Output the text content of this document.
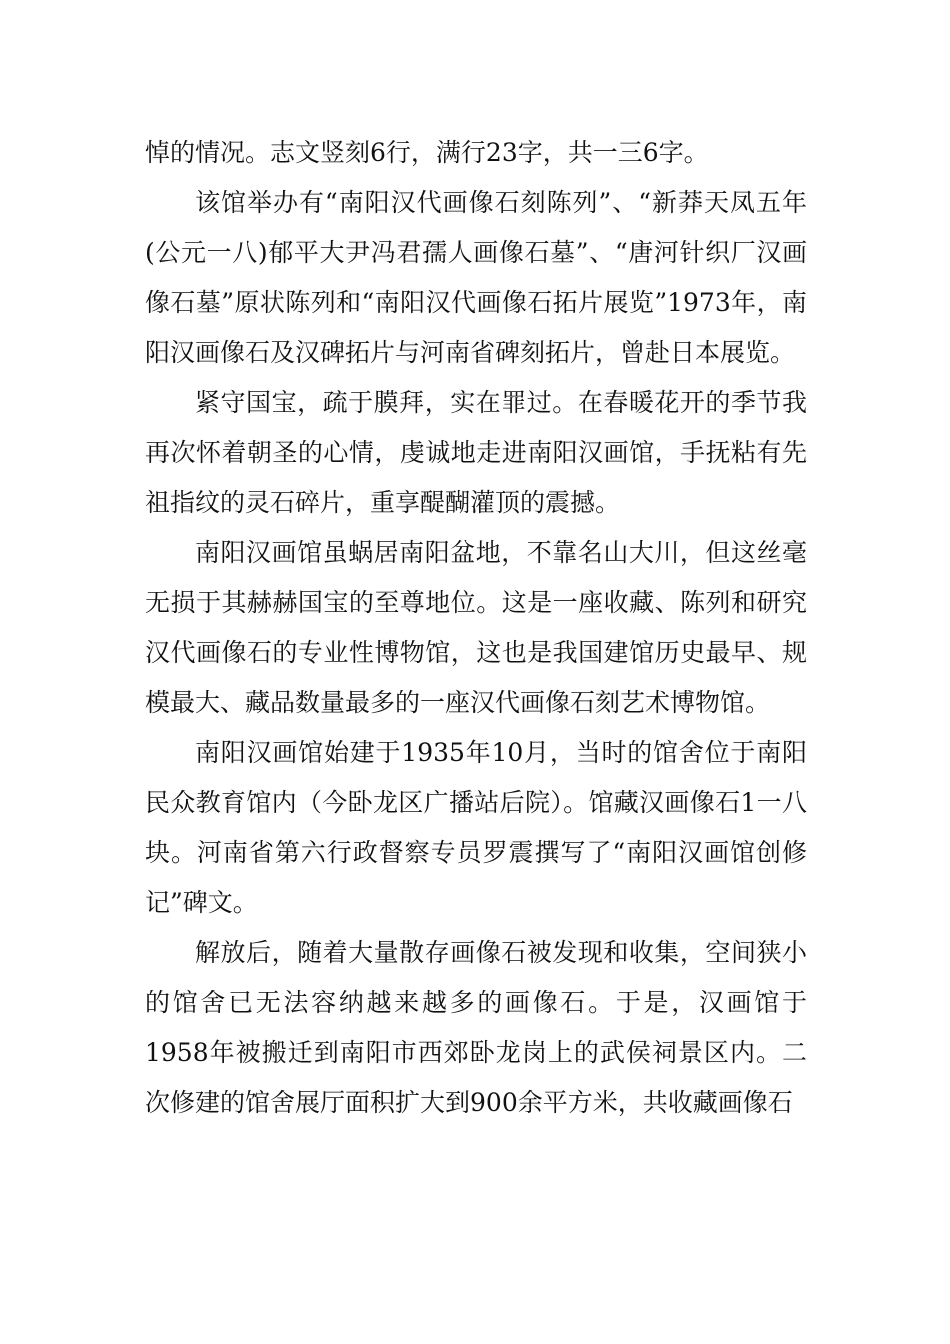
悼的情况。志文竖刻6行，满行23字，共一三6字。

该馆举办有“南阳汉代画像石刻陈列”、“新莽天凤五年(公元一八)郁平大尹冯君孺人画像石墓”、“唐河针织厂汉画像石墓”原状陈列和“南阳汉代画像石拓片展览”1973年，南阳汉画像石及汉碑拓片与河南省碑刻拓片，曾赴日本展览。

紧守国宝，疏于膜拜，实在罪过。在春暖花开的季节我再次怀着朝圣的心情，虔诚地走进南阳汉画馆，手抚粘有先祖指纹的灵石碎片，重享醍醐灌顶的震撼。

南阳汉画馆虽蜗居南阳盆地，不靠名山大川，但这丝毫无损于其赫赫国宝的至尊地位。这是一座收藏、陈列和研究汉代画像石的专业性博物馆，这也是我国建馆历史最早、规模最大、藏品数量最多的一座汉代画像石刻艺术博物馆。

南阳汉画馆始建于1935年10月，当时的馆舍位于南阳民众教育馆内（今卧龙区广播站后院）。馆藏汉画像石1一八块。河南省第六行政督察专员罗震撰写了“南阳汉画馆创修记”碑文。

解放后，随着大量散存画像石被发现和收集，空间狭小的馆舍已无法容纳越来越多的画像石。于是，汉画馆于1958年被搬迁到南阳市西郊卧龙岗上的武侯祠景区内。二次修建的馆舍展厅面积扩大到900余平方米，共收藏画像石
